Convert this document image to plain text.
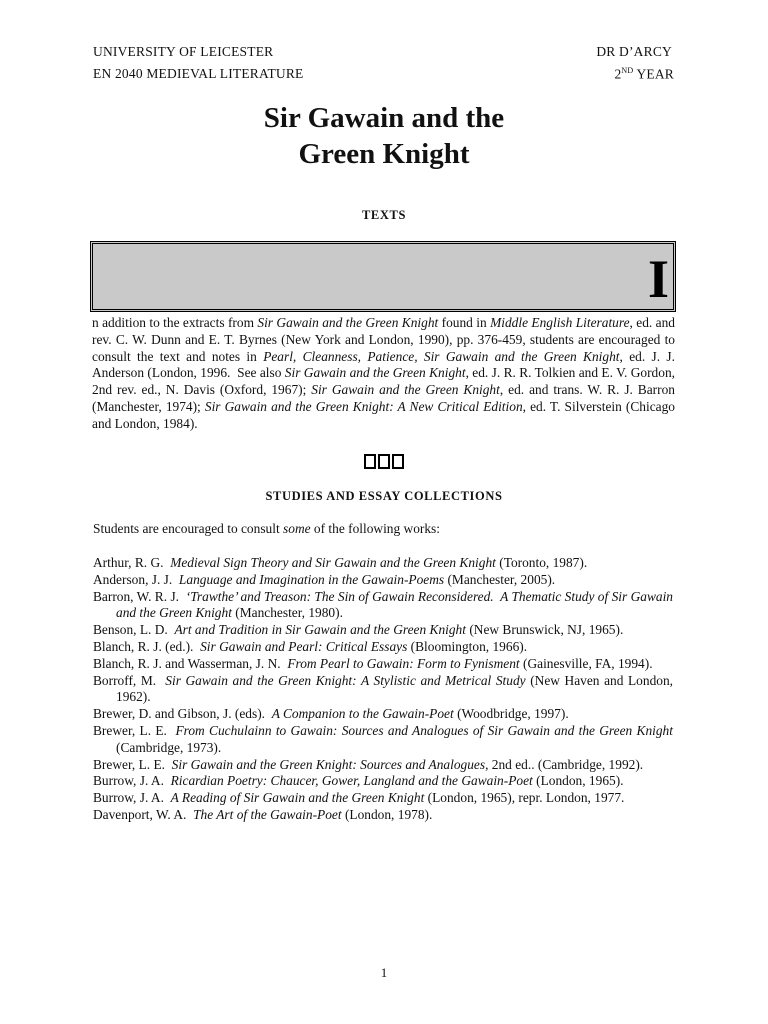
UNIVERSITY OF LEICESTER
EN 2040 MEDIEVAL LITERATURE
DR D’ARCY
2ND YEAR
Sir Gawain and the
Green Knight
TEXTS
I
n addition to the extracts from Sir Gawain and the Green Knight found in Middle English Literature, ed. and rev. C. W. Dunn and E. T. Byrnes (New York and London, 1990), pp. 376-459, students are encouraged to consult the text and notes in Pearl, Cleanness, Patience, Sir Gawain and the Green Knight, ed. J. J. Anderson (London, 1996.  See also Sir Gawain and the Green Knight, ed. J. R. R. Tolkien and E. V. Gordon, 2nd rev. ed., N. Davis (Oxford, 1967); Sir Gawain and the Green Knight, ed. and trans. W. R. J. Barron (Manchester, 1974); Sir Gawain and the Green Knight: A New Critical Edition, ed. T. Silverstein (Chicago and London, 1984).
STUDIES AND ESSAY COLLECTIONS
Students are encouraged to consult some of the following works:
Arthur, R. G.  Medieval Sign Theory and Sir Gawain and the Green Knight (Toronto, 1987).
Anderson, J. J.  Language and Imagination in the Gawain-Poems (Manchester, 2005).
Barron, W. R. J.  ‘Trawthe’ and Treason: The Sin of Gawain Reconsidered.  A Thematic Study of Sir Gawain and the Green Knight (Manchester, 1980).
Benson, L. D.  Art and Tradition in Sir Gawain and the Green Knight (New Brunswick, NJ, 1965).
Blanch, R. J. (ed.).  Sir Gawain and Pearl: Critical Essays (Bloomington, 1966).
Blanch, R. J. and Wasserman, J. N.  From Pearl to Gawain: Form to Fynisment (Gainesville, FA, 1994).
Borroff, M.  Sir Gawain and the Green Knight: A Stylistic and Metrical Study (New Haven and London, 1962).
Brewer, D. and Gibson, J. (eds).  A Companion to the Gawain-Poet (Woodbridge, 1997).
Brewer, L. E.  From Cuchulainn to Gawain: Sources and Analogues of Sir Gawain and the Green Knight (Cambridge, 1973).
Brewer, L. E.  Sir Gawain and the Green Knight: Sources and Analogues, 2nd ed.. (Cambridge, 1992).
Burrow, J. A.  Ricardian Poetry: Chaucer, Gower, Langland and the Gawain-Poet (London, 1965).
Burrow, J. A.  A Reading of Sir Gawain and the Green Knight (London, 1965), repr. London, 1977.
Davenport, W. A.  The Art of the Gawain-Poet (London, 1978).
1
